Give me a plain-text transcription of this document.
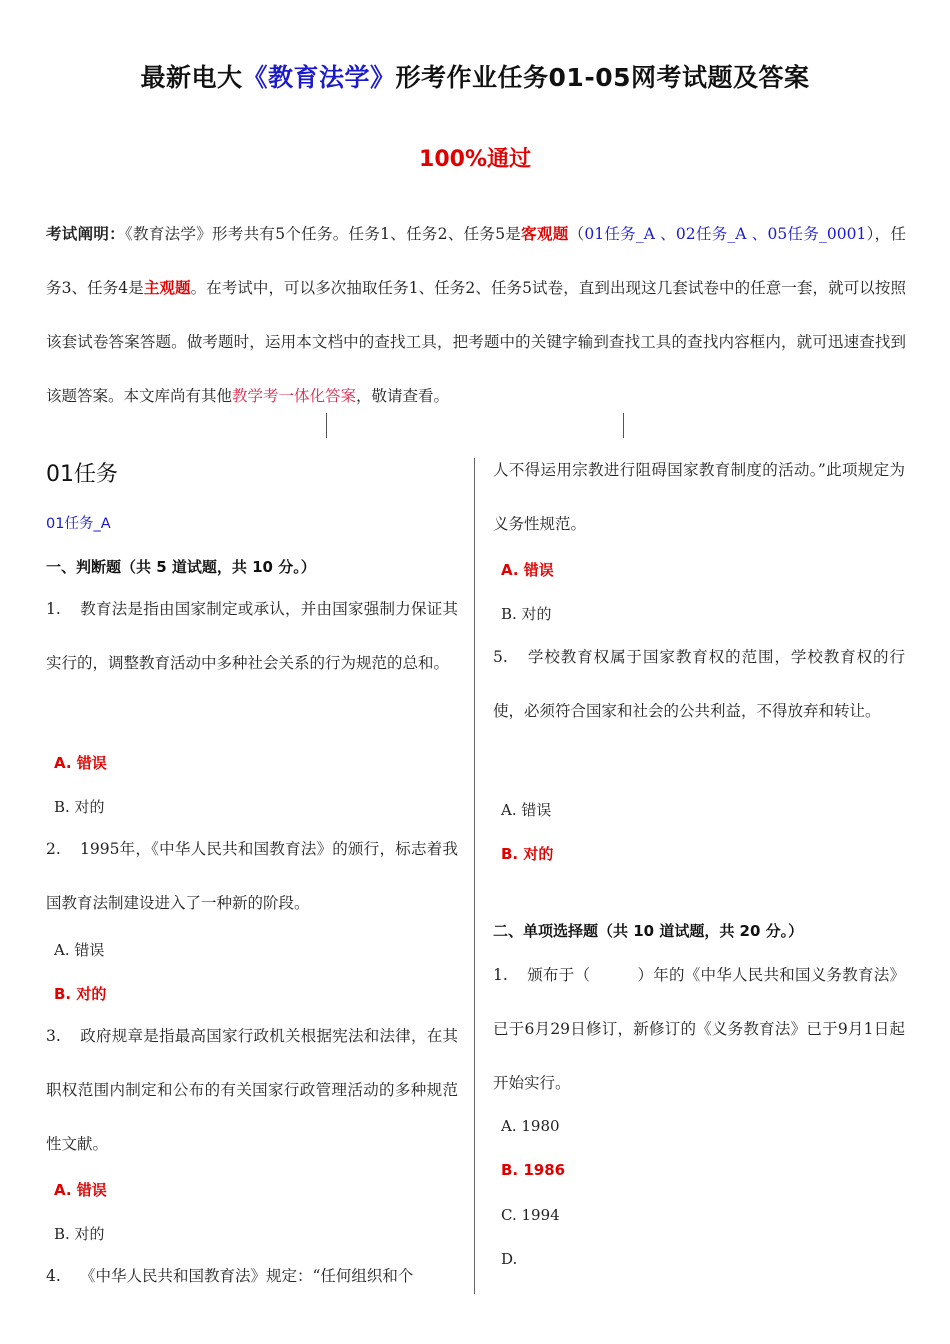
最新电大《教育法学》形考作业任务01-05网考试题及答案
100%通过
考试阐明：《教育法学》形考共有5个任务。任务1、任务2、任务5是客观题（01任务_A 、02任务_A 、05任务_0001），任务3、任务4是主观题。在考试中，可以多次抽取任务1、任务2、任务5试卷，直到出现这几套试卷中的任意一套，就可以按照该套试卷答案答题。做考题时，运用本文档中的查找工具，把考题中的关键字输到查找工具的查找内容框内，就可迅速查找到该题答案。本文库尚有其他教学考一体化答案，敬请查看。
01任务
01任务_A
一、判断题（共 5 道试题，共 10 分。）
1. 教育法是指由国家制定或承认，并由国家强制力保证其实行的，调整教育活动中多种社会关系的行为规范的总和。
A. 错误
B. 对的
2. 1995年，《中华人民共和国教育法》的颁行，标志着我国教育法制建设进入了一种新的阶段。
A. 错误
B. 对的
3. 政府规章是指最高国家行政机关根据宪法和法律，在其职权范围内制定和公布的有关国家行政管理活动的多种规范性文献。
A. 错误
B. 对的
4. 《中华人民共和国教育法》规定：“任何组织和个
人不得运用宗教进行阻碍国家教育制度的活动。”此项规定为义务性规范。
A. 错误
B. 对的
5. 学校教育权属于国家教育权的范围，学校教育权的行使，必须符合国家和社会的公共利益，不得放弃和转让。
A. 错误
B. 对的
二、单项选择题（共 10 道试题，共 20 分。）
1. 颁布于（　　　）年的《中华人民共和国义务教育法》已于6月29日修订，新修订的《义务教育法》已于9月1日起开始实行。
A. 1980
B. 1986
C. 1994
D.
